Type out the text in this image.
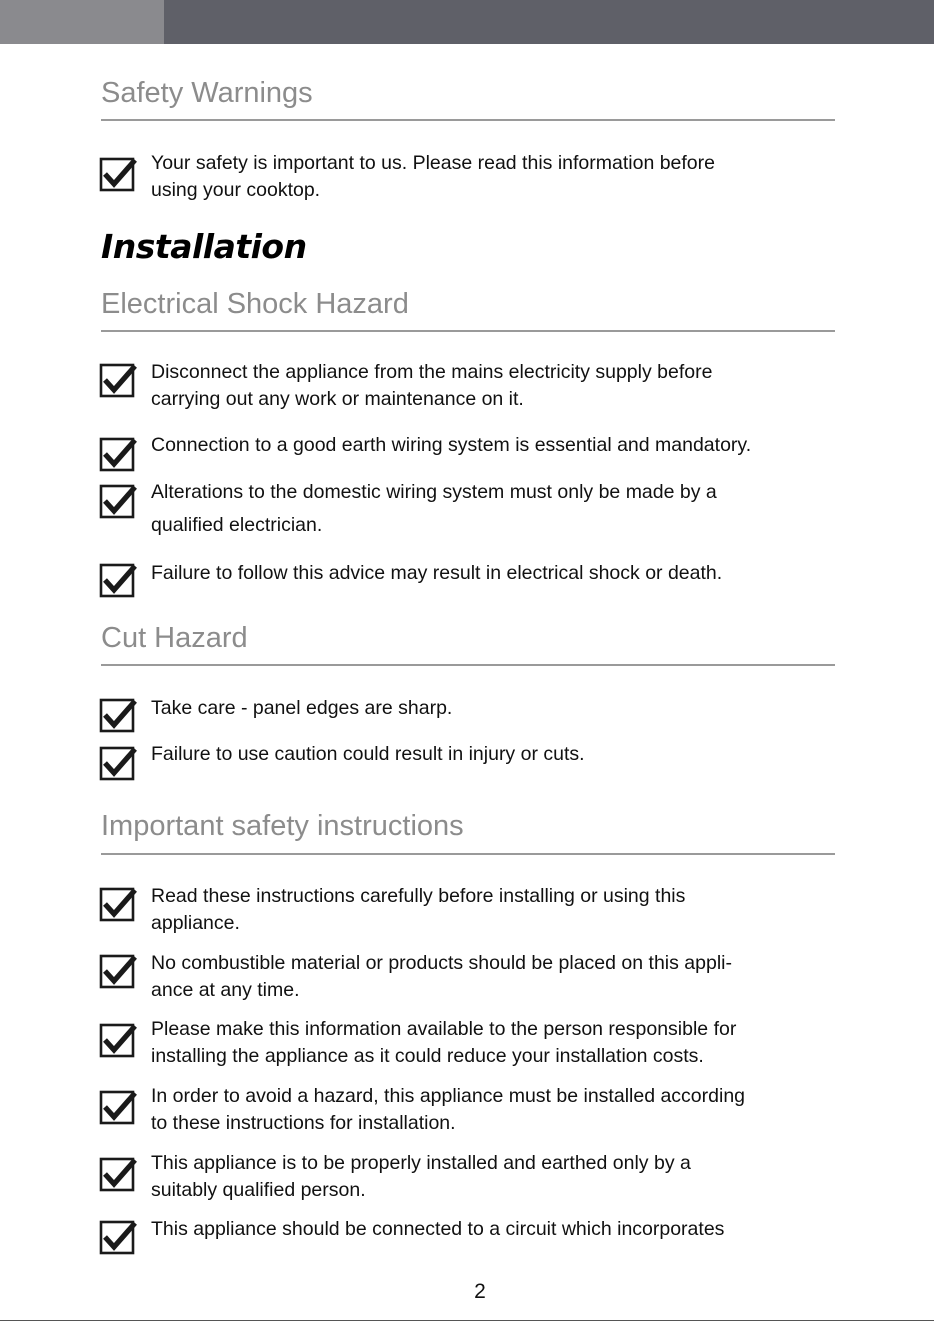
Safety Warnings
Your safety is important to us. Please read this information before
using your cooktop.
Installation
Electrical Shock Hazard
Disconnect the appliance from the mains electricity supply before
carrying out any work or maintenance on it.
Connection to a good earth wiring system is essential and mandatory.
Alterations to the domestic wiring system must only be made by a
qualified electrician.
Failure to follow this advice may result in electrical shock or death.
Cut Hazard
Take care - panel edges are sharp.
Failure to use caution could result in injury or cuts.
Important safety instructions
Read these instructions carefully before installing or using this
appliance.
No combustible material or products should be placed on this appli-
ance at any time.
Please make this information available to the person responsible for
installing the appliance as it could reduce your installation costs.
In order to avoid a hazard, this appliance must be installed according
to these instructions for installation.
This appliance is to be properly installed and earthed only by a
suitably qualified person.
This appliance should be connected to a circuit which incorporates
2
